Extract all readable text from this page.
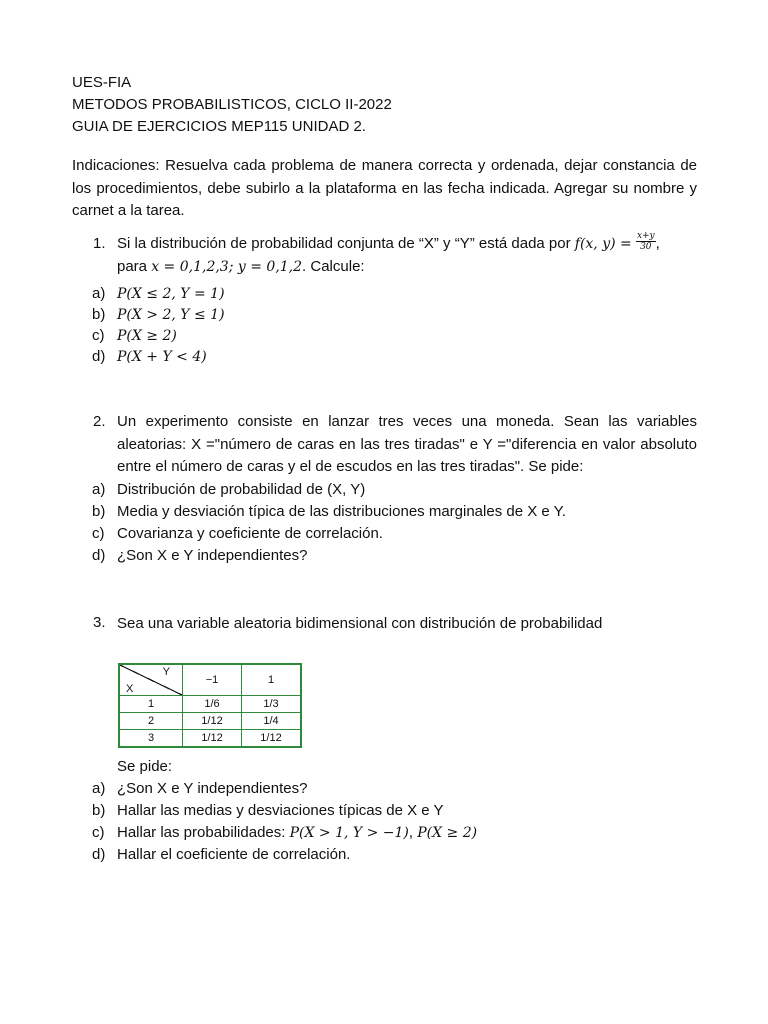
UES-FIA
METODOS PROBABILISTICOS, CICLO II-2022
GUIA DE EJERCICIOS MEP115 UNIDAD 2.
Indicaciones: Resuelva cada problema de manera correcta y ordenada, dejar constancia de los procedimientos, debe subirlo a la plataforma en las fecha indicada. Agregar su nombre y carnet a la tarea.
1. Si la distribución de probabilidad conjunta de “X” y “Y” está dada por f(x, $y) = \frac{x+y}{30}$ ,
para x = 0,1,2,3; y = 0,1,2. Calcule:
a) P(X ≤ 2, Y = 1)
b) P(X > 2, Y ≤ 1)
c) P(X ≥ 2)
d) P(X + Y < 4)
2. Un experimento consiste en lanzar tres veces una moneda. Sean las variables aleatorias: X ="número de caras en las tres tiradas" e Y ="diferencia en valor absoluto entre el número de caras y el de escudos en las tres tiradas". Se pide:
a) Distribución de probabilidad de (X, Y)
b) Media y desviación típica de las distribuciones marginales de X e Y.
c) Covarianza y coeficiente de correlación.
d) ¿Son X e Y independientes?
3. Sea una variable aleatoria bidimensional con distribución de probabilidad
Y
X	−1	1
1	1/6	1/3
2	1/12	1/4
3	1/12	1/12
Se pide:
a) ¿Son X e Y independientes?
b) Hallar las medias y desviaciones típicas de X e Y
c) Hallar las probabilidades: P(X > 1, Y > −1), P(X ≥ 2)
d) Hallar el coeficiente de correlación.
